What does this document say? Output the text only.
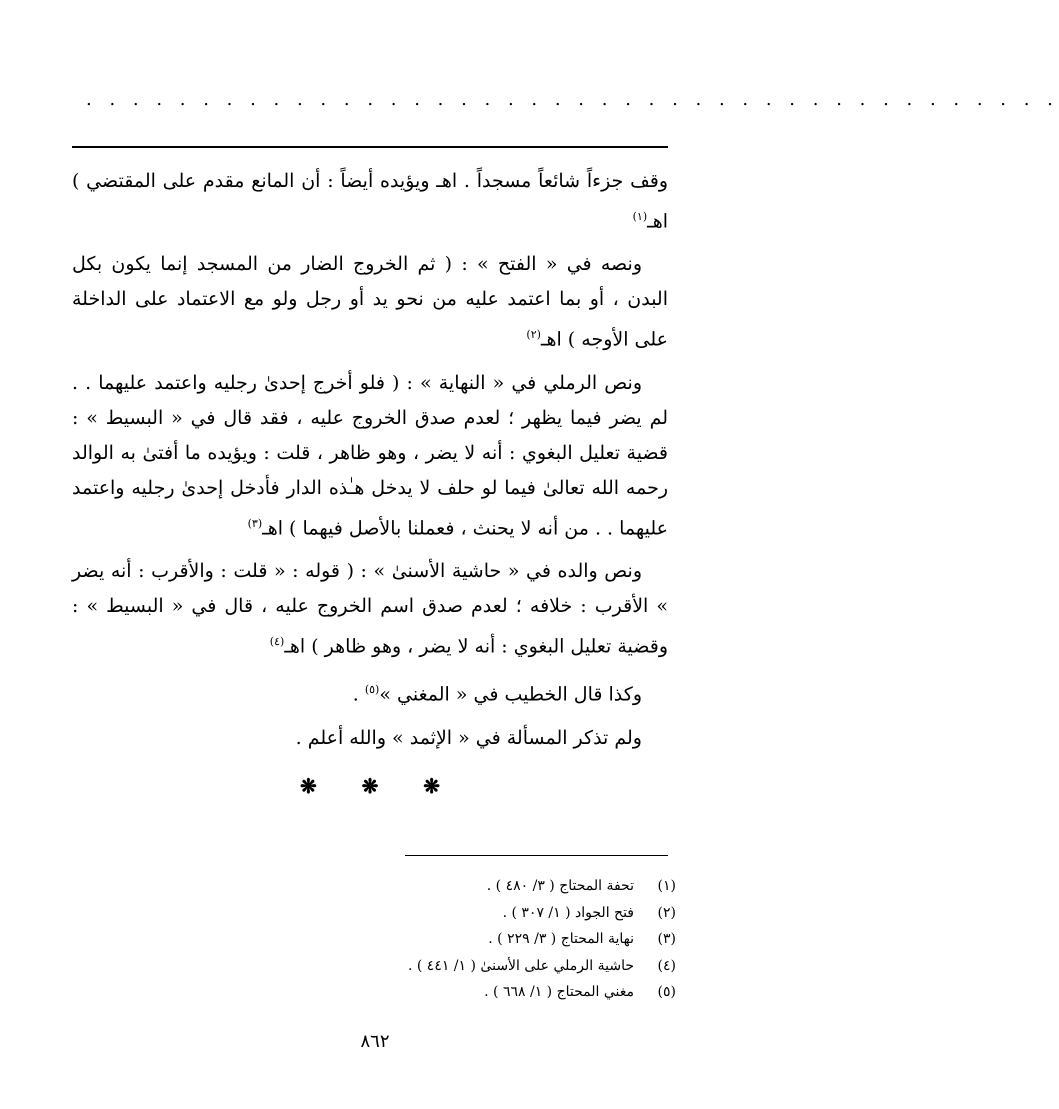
. . . . . . . . . . . . . . . . . . . . . . . . . . . . . . . . . . . . . . . . . .

وقف جزءاً شائعاً مسجداً . اهـ ويؤيده أيضاً : أن المانع مقدم على المقتضي ) اهـ$^{(١)}$

ونصه في « الفتح » : ( ثم الخروج الضار من المسجد إنما يكون بكل البدن ، أو بما اعتمد عليه من نحو يد أو رجل ولو مع الاعتماد على الداخلة على الأوجه ) اهـ$^{(٢)}$

ونص الرملي في « النهاية » : ( فلو أخرج إحدىٰ رجليه واعتمد عليهما . . لم يضر فيما يظهر ؛ لعدم صدق الخروج عليه ، فقد قال في « البسيط » : قضية تعليل البغوي : أنه لا يضر ، وهو ظاهر ، قلت : ويؤيده ما أفتىٰ به الوالد رحمه الله تعالىٰ فيما لو حلف لا يدخل هـٰذه الدار فأدخل إحدىٰ رجليه واعتمد عليهما . . من أنه لا يحنث ، فعملنا بالأصل فيهما ) اهـ$^{(٣)}$

ونص والده في « حاشية الأسنىٰ » : ( قوله : « قلت : والأقرب : أنه يضر » الأقرب : خلافه ؛ لعدم صدق اسم الخروج عليه ، قال في « البسيط » : وقضية تعليل البغوي : أنه لا يضر ، وهو ظاهر ) اهـ$^{(٤)}$

وكذا قال الخطيب في « المغني »$^{(٥)}$ .

ولم تذكر المسألة في « الإثمد » والله أعلم .

❋ ❋ ❋
(١)
تحفة المحتاج ( ٣/ ٤٨٠ ) .
(٢)
فتح الجواد ( ١/ ٣٠٧ ) .
(٣)
نهاية المحتاج ( ٣/ ٢٢٩ ) .
(٤)
حاشية الرملي على الأسنىٰ ( ١/ ٤٤١ ) .
(٥)
مغني المحتاج ( ١/ ٦٦٨ ) .
٨٦٢
